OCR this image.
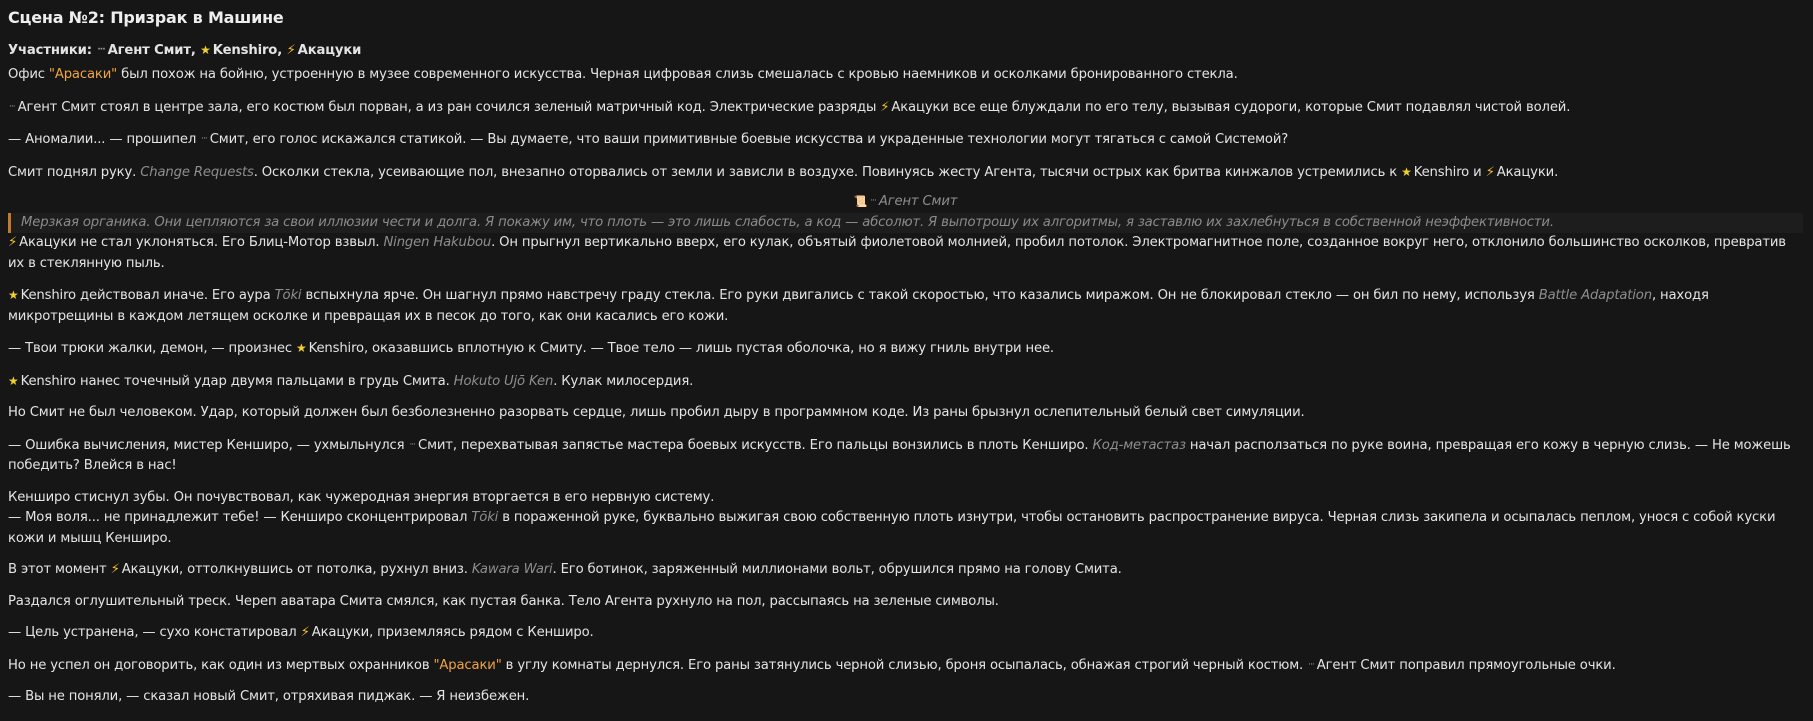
Сцена №2: Призрак в Машине
Участники: ··· Агент Смит, ★ Kenshiro, ⚡ Акацуки

Офис "Арасаки" был похож на бойню, устроенную в музее современного искусства. Черная цифровая слизь смешалась с кровью наемников и осколками бронированного стекла.

··· Агент Смит стоял в центре зала, его костюм был порван, а из ран сочился зеленый матричный код. Электрические разряды ⚡ Акацуки все еще блуждали по его телу, вызывая судороги, которые Смит подавлял чистой волей.

— Аномалии... — прошипел ··· Смит, его голос искажался статикой. — Вы думаете, что ваши примитивные боевые искусства и украденные технологии могут тягаться с самой Системой?

Смит поднял руку. Change Requests. Осколки стекла, усеивающие пол, внезапно оторвались от земли и зависли в воздухе. Повинуясь жесту Агента, тысячи острых как бритва кинжалов устремились к ★ Kenshiro и ⚡ Акацуки.

📜 ··· Агент Смит
Мерзкая органика. Они цепляются за свои иллюзии чести и долга. Я покажу им, что плоть — это лишь слабость, а код — абсолют. Я выпотрошу их алгоритмы, я заставлю их захлебнуться в собственной неэффективности.

⚡ Акацуки не стал уклоняться. Его Блиц-Мотор взвыл. Ningen Hakubou. Он прыгнул вертикально вверх, его кулак, объятый фиолетовой молнией, пробил потолок. Электромагнитное поле, созданное вокруг него, отклонило большинство осколков, превратив их в стеклянную пыль.

★ Kenshiro действовал иначе. Его аура Tōki вспыхнула ярче. Он шагнул прямо навстречу граду стекла. Его руки двигались с такой скоростью, что казались миражом. Он не блокировал стекло — он бил по нему, используя Battle Adaptation, находя микротрещины в каждом летящем осколке и превращая их в песок до того, как они касались его кожи.

— Твои трюки жалки, демон, — произнес ★ Kenshiro, оказавшись вплотную к Смиту. — Твое тело — лишь пустая оболочка, но я вижу гниль внутри нее.

★ Kenshiro нанес точечный удар двумя пальцами в грудь Смита. Hokuto Ujō Ken. Кулак милосердия.

Но Смит не был человеком. Удар, который должен был безболезненно разорвать сердце, лишь пробил дыру в программном коде. Из раны брызнул ослепительный белый свет симуляции.

— Ошибка вычисления, мистер Кенширо, — ухмыльнулся ··· Смит, перехватывая запястье мастера боевых искусств. Его пальцы вонзились в плоть Кенширо. Код-метастаз начал расползаться по руке воина, превращая его кожу в черную слизь. — Не можешь победить? Влейся в нас!

Кенширо стиснул зубы. Он почувствовал, как чужеродная энергия вторгается в его нервную систему.

— Моя воля... не принадлежит тебе! — Кенширо сконцентрировал Tōki в пораженной руке, буквально выжигая свою собственную плоть изнутри, чтобы остановить распространение вируса. Черная слизь закипела и осыпалась пеплом, унося с собой куски кожи и мышц Кенширо.

В этот момент ⚡ Акацуки, оттолкнувшись от потолка, рухнул вниз. Kawara Wari. Его ботинок, заряженный миллионами вольт, обрушился прямо на голову Смита.

Раздался оглушительный треск. Череп аватара Смита смялся, как пустая банка. Тело Агента рухнуло на пол, рассыпаясь на зеленые символы.

— Цель устранена, — сухо констатировал ⚡ Акацуки, приземляясь рядом с Кенширо.

Но не успел он договорить, как один из мертвых охранников "Арасаки" в углу комнаты дернулся. Его раны затянулись черной слизью, броня осыпалась, обнажая строгий черный костюм. ··· Агент Смит поправил прямоугольные очки.

— Вы не поняли, — сказал новый Смит, отряхивая пиджак. — Я неизбежен.
